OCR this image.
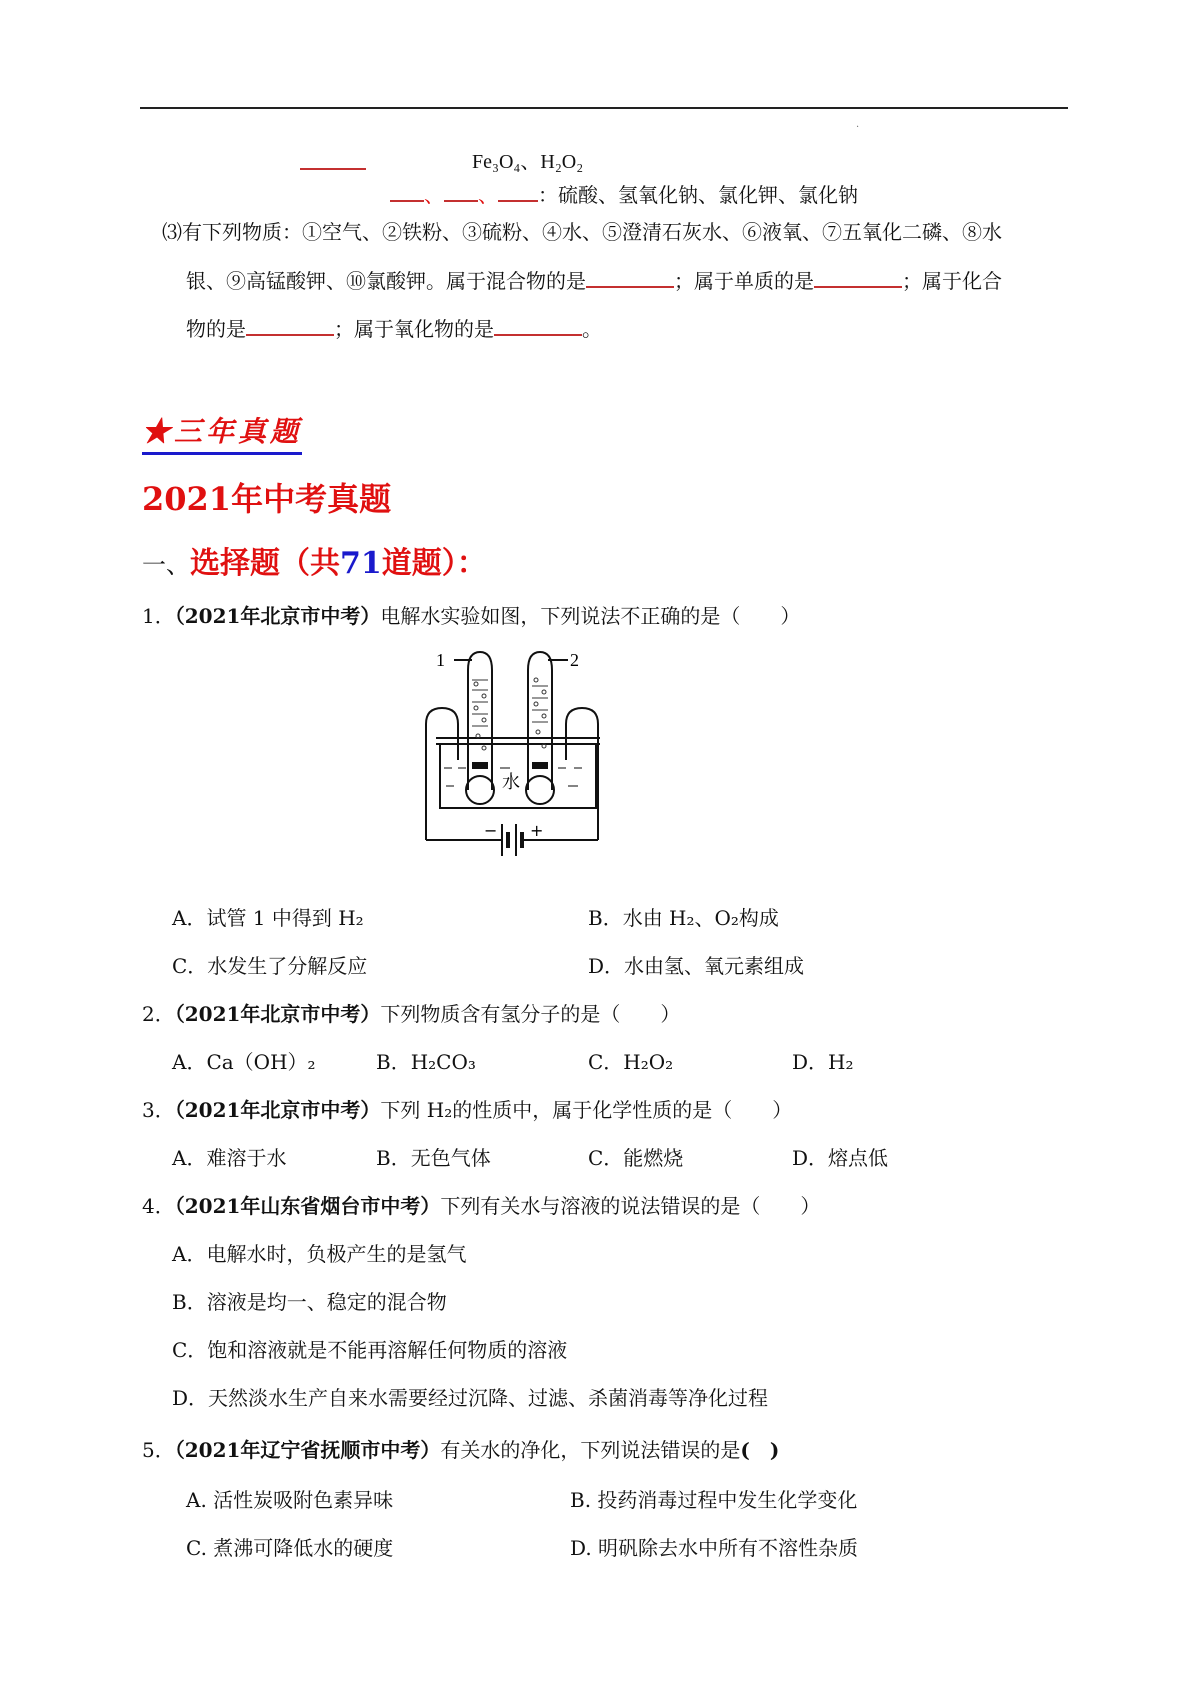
·
Fe₃O₄、H₂O₂
、 、 ：硫酸、氢氧化钠、氯化钾、氯化钠
⑶有下列物质：①空气、②铁粉、③硫粉、④水、⑤澄清石灰水、⑥液氧、⑦五氧化二磷、⑧水
银、⑨高锰酸钾、⑩氯酸钾。属于混合物的是	；属于单质的是	；属于化合
物的是	；属于氧化物的是	。
★三年真题
2021年中考真题
一、选择题（共71道题）：
1．（2021年北京市中考）电解水实验如图，下列说法不正确的是（　　）
1	2
水
− +
A．试管 1 中得到 H₂	B．水由 H₂、O₂构成
C．水发生了分解反应	D．水由氢、氧元素组成
2．（2021年北京市中考）下列物质含有氢分子的是（　　）
A．Ca（OH）₂	B．H₂CO₃	C．H₂O₂	D．H₂
3．（2021年北京市中考）下列 H₂的性质中，属于化学性质的是（　　）
A．难溶于水	B．无色气体	C．能燃烧	D．熔点低
4．（2021年山东省烟台市中考）下列有关水与溶液的说法错误的是（　　）
A．电解水时，负极产生的是氢气
B．溶液是均一、稳定的混合物
C．饱和溶液就是不能再溶解任何物质的溶液
D．天然淡水生产自来水需要经过沉降、过滤、杀菌消毒等净化过程
5．（2021年辽宁省抚顺市中考）有关水的净化，下列说法错误的是(　)
A. 活性炭吸附色素异味	B. 投药消毒过程中发生化学变化
C. 煮沸可降低水的硬度	D. 明矾除去水中所有不溶性杂质
